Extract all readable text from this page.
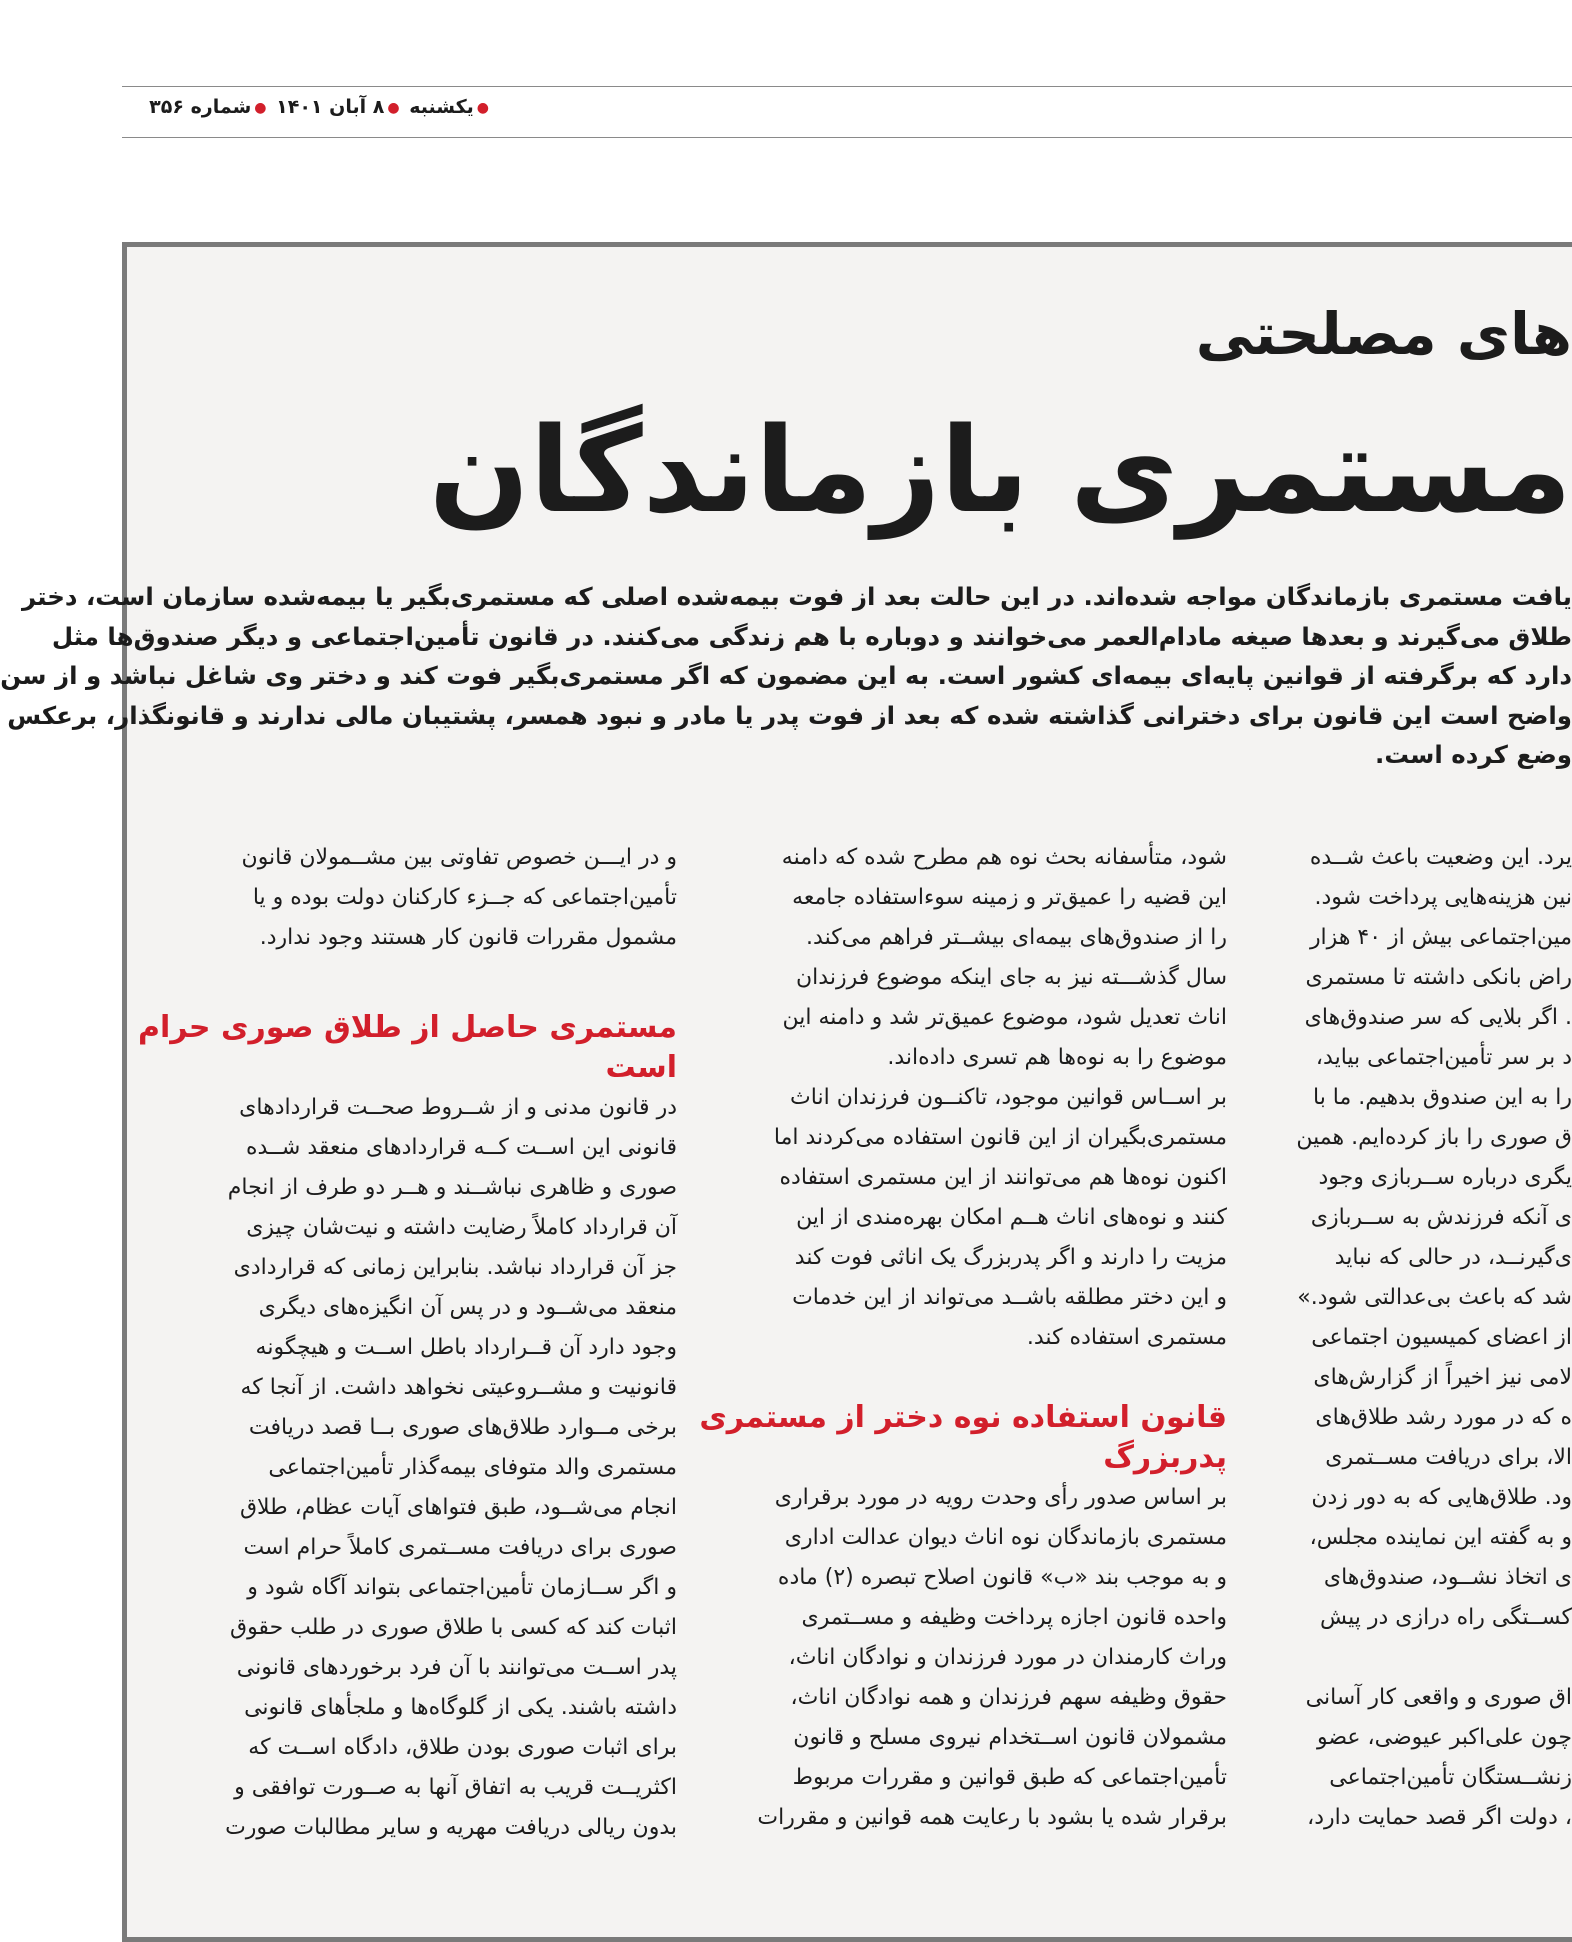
●یکشنبه ●۸ آبان ۱۴۰۱ ●شماره ۳۵۶
های مصلحتی
مستمری بازماندگان
یافت مستمری بازماندگان مواجه شده‌اند. در این حالت بعد از فوت بیمه‌شده اصلی که مستمری‌بگیر یا بیمه‌شده سازمان است، دختر
طلاق می‌گیرند و بعدها صیغه مادام‌العمر می‌خوانند و دوباره با هم زندگی می‌کنند. در قانون تأمین‌اجتماعی و دیگر صندوق‌ها مثل
دارد که برگرفته از قوانین پایه‌ای بیمه‌ای کشور است. به این مضمون که اگر مستمری‌بگیر فوت کند و دختر وی شاغل نباشد و از سن
واضح است این قانون برای دخترانی گذاشته شده که بعد از فوت پدر یا مادر و نبود همسر، پشتیبان مالی ندارند و قانونگذار، برعکس
وضع کرده است.
و در ایـــن خصوص تفاوتی بین مشــمولان قانون
تأمین‌اجتماعی که جــزء کارکنان دولت بوده و یا
مشمول مقررات قانون کار هستند وجود ندارد.
مستمری حاصل از طلاق صوری حرام
است
در قانون مدنی و از شــروط صحــت قراردادهای
قانونی این اســت کــه قراردادهای منعقد شــده
صوری و ظاهری نباشــند و هــر دو طرف از انجام
آن قرارداد کاملاً رضایت داشته و نیت‌شان چیزی
جز آن قرارداد نباشد. بنابراین زمانی که قراردادی
منعقد می‌شــود و در پس آن انگیزه‌های دیگری
وجود دارد آن قــرارداد باطل اســت و هیچگونه
قانونیت و مشــروعیتی نخواهد داشت. از آنجا که
برخی مــوارد طلاق‌های صوری بــا قصد دریافت
مستمری والد متوفای بیمه‌گذار تأمین‌اجتماعی
انجام می‌شــود، طبق فتواهای آیات عظام، طلاق
صوری برای دریافت مســتمری کاملاً حرام است
و اگر ســازمان تأمین‌اجتماعی بتواند آگاه شود و
اثبات کند که کسی با طلاق صوری در طلب حقوق
پدر اســت می‌توانند با آن فرد برخوردهای قانونی
داشته باشند. یکی از گلوگاه‌ها و ملجأهای قانونی
برای اثبات صوری بودن طلاق، دادگاه اســت که
اکثریــت قریب به اتفاق آنها به صــورت توافقی و
بدون ریالی دریافت مهریه و سایر مطالبات صورت
شود، متأسفانه بحث نوه هم مطرح شده که دامنه
این قضیه را عمیق‌تر و زمینه سوءاستفاده جامعه
را از صندوق‌های بیمه‌ای بیشــتر فراهم می‌کند.
سال گذشـــته نیز به جای اینکه موضوع فرزندان
اناث تعدیل شود، موضوع عمیق‌تر شد و دامنه این
موضوع را به نوه‌ها هم تسری داده‌اند.
بر اســاس قوانین موجود، تاکنــون فرزندان اناث
مستمری‌بگیران از این قانون استفاده می‌کردند اما
اکنون نوه‌ها هم می‌توانند از این مستمری استفاده
کنند و نوه‌های اناث هــم امکان بهره‌مندی از این
مزیت را دارند و اگر پدربزرگ یک اناثی فوت کند
و این دختر مطلقه باشــد می‌تواند از این خدمات
مستمری استفاده کند.
قانون استفاده نوه دختر از مستمری
پدربزرگ
بر اساس صدور رأی وحدت رویه در مورد برقراری
مستمری بازماندگان نوه اناث دیوان عدالت اداری
و به موجب بند «ب» قانون اصلاح تبصره (۲) ماده
واحده قانون اجازه پرداخت وظیفه و مســتمری
وراث کارمندان در مورد فرزندان و نوادگان اناث،
حقوق وظیفه سهم فرزندان و همه نوادگان اناث،
مشمولان قانون اســتخدام نیروی مسلح و قانون
تأمین‌اجتماعی که طبق قوانین و مقررات مربوط
برقرار شده یا بشود با رعایت همه قوانین و مقررات
یرد. این وضعیت باعث شــده
نین هزینه‌هایی پرداخت شود.
مین‌اجتماعی بیش از ۴۰ هزار
راض بانکی داشته تا مستمری
. اگر بلایی که سر صندوق‌های
د بر سر تأمین‌اجتماعی بیاید،
را به این صندوق بدهیم. ما با
ق صوری را باز کرده‌ایم. همین
یگری درباره ســربازی وجود
ی آنکه فرزندش به ســربازی
ی‌گیرنــد، در حالی که نباید
شد که باعث بی‌عدالتی شود.»
از اعضای کمیسیون اجتماعی
لامی نیز اخیراً از گزارش‌های
ه که در مورد رشد طلاق‌های
الا، برای دریافت مســتمری
ود. طلاق‌هایی که به دور زدن
و به گفته این نماینده مجلس،
ی اتخاذ نشــود، صندوق‌های
کســتگی راه درازی در پیش
اق صوری و واقعی کار آسانی
چون علی‌اکبر عیوضی، عضو
زنشــستگان تأمین‌اجتماعی
، دولت اگر قصد حمایت دارد،
